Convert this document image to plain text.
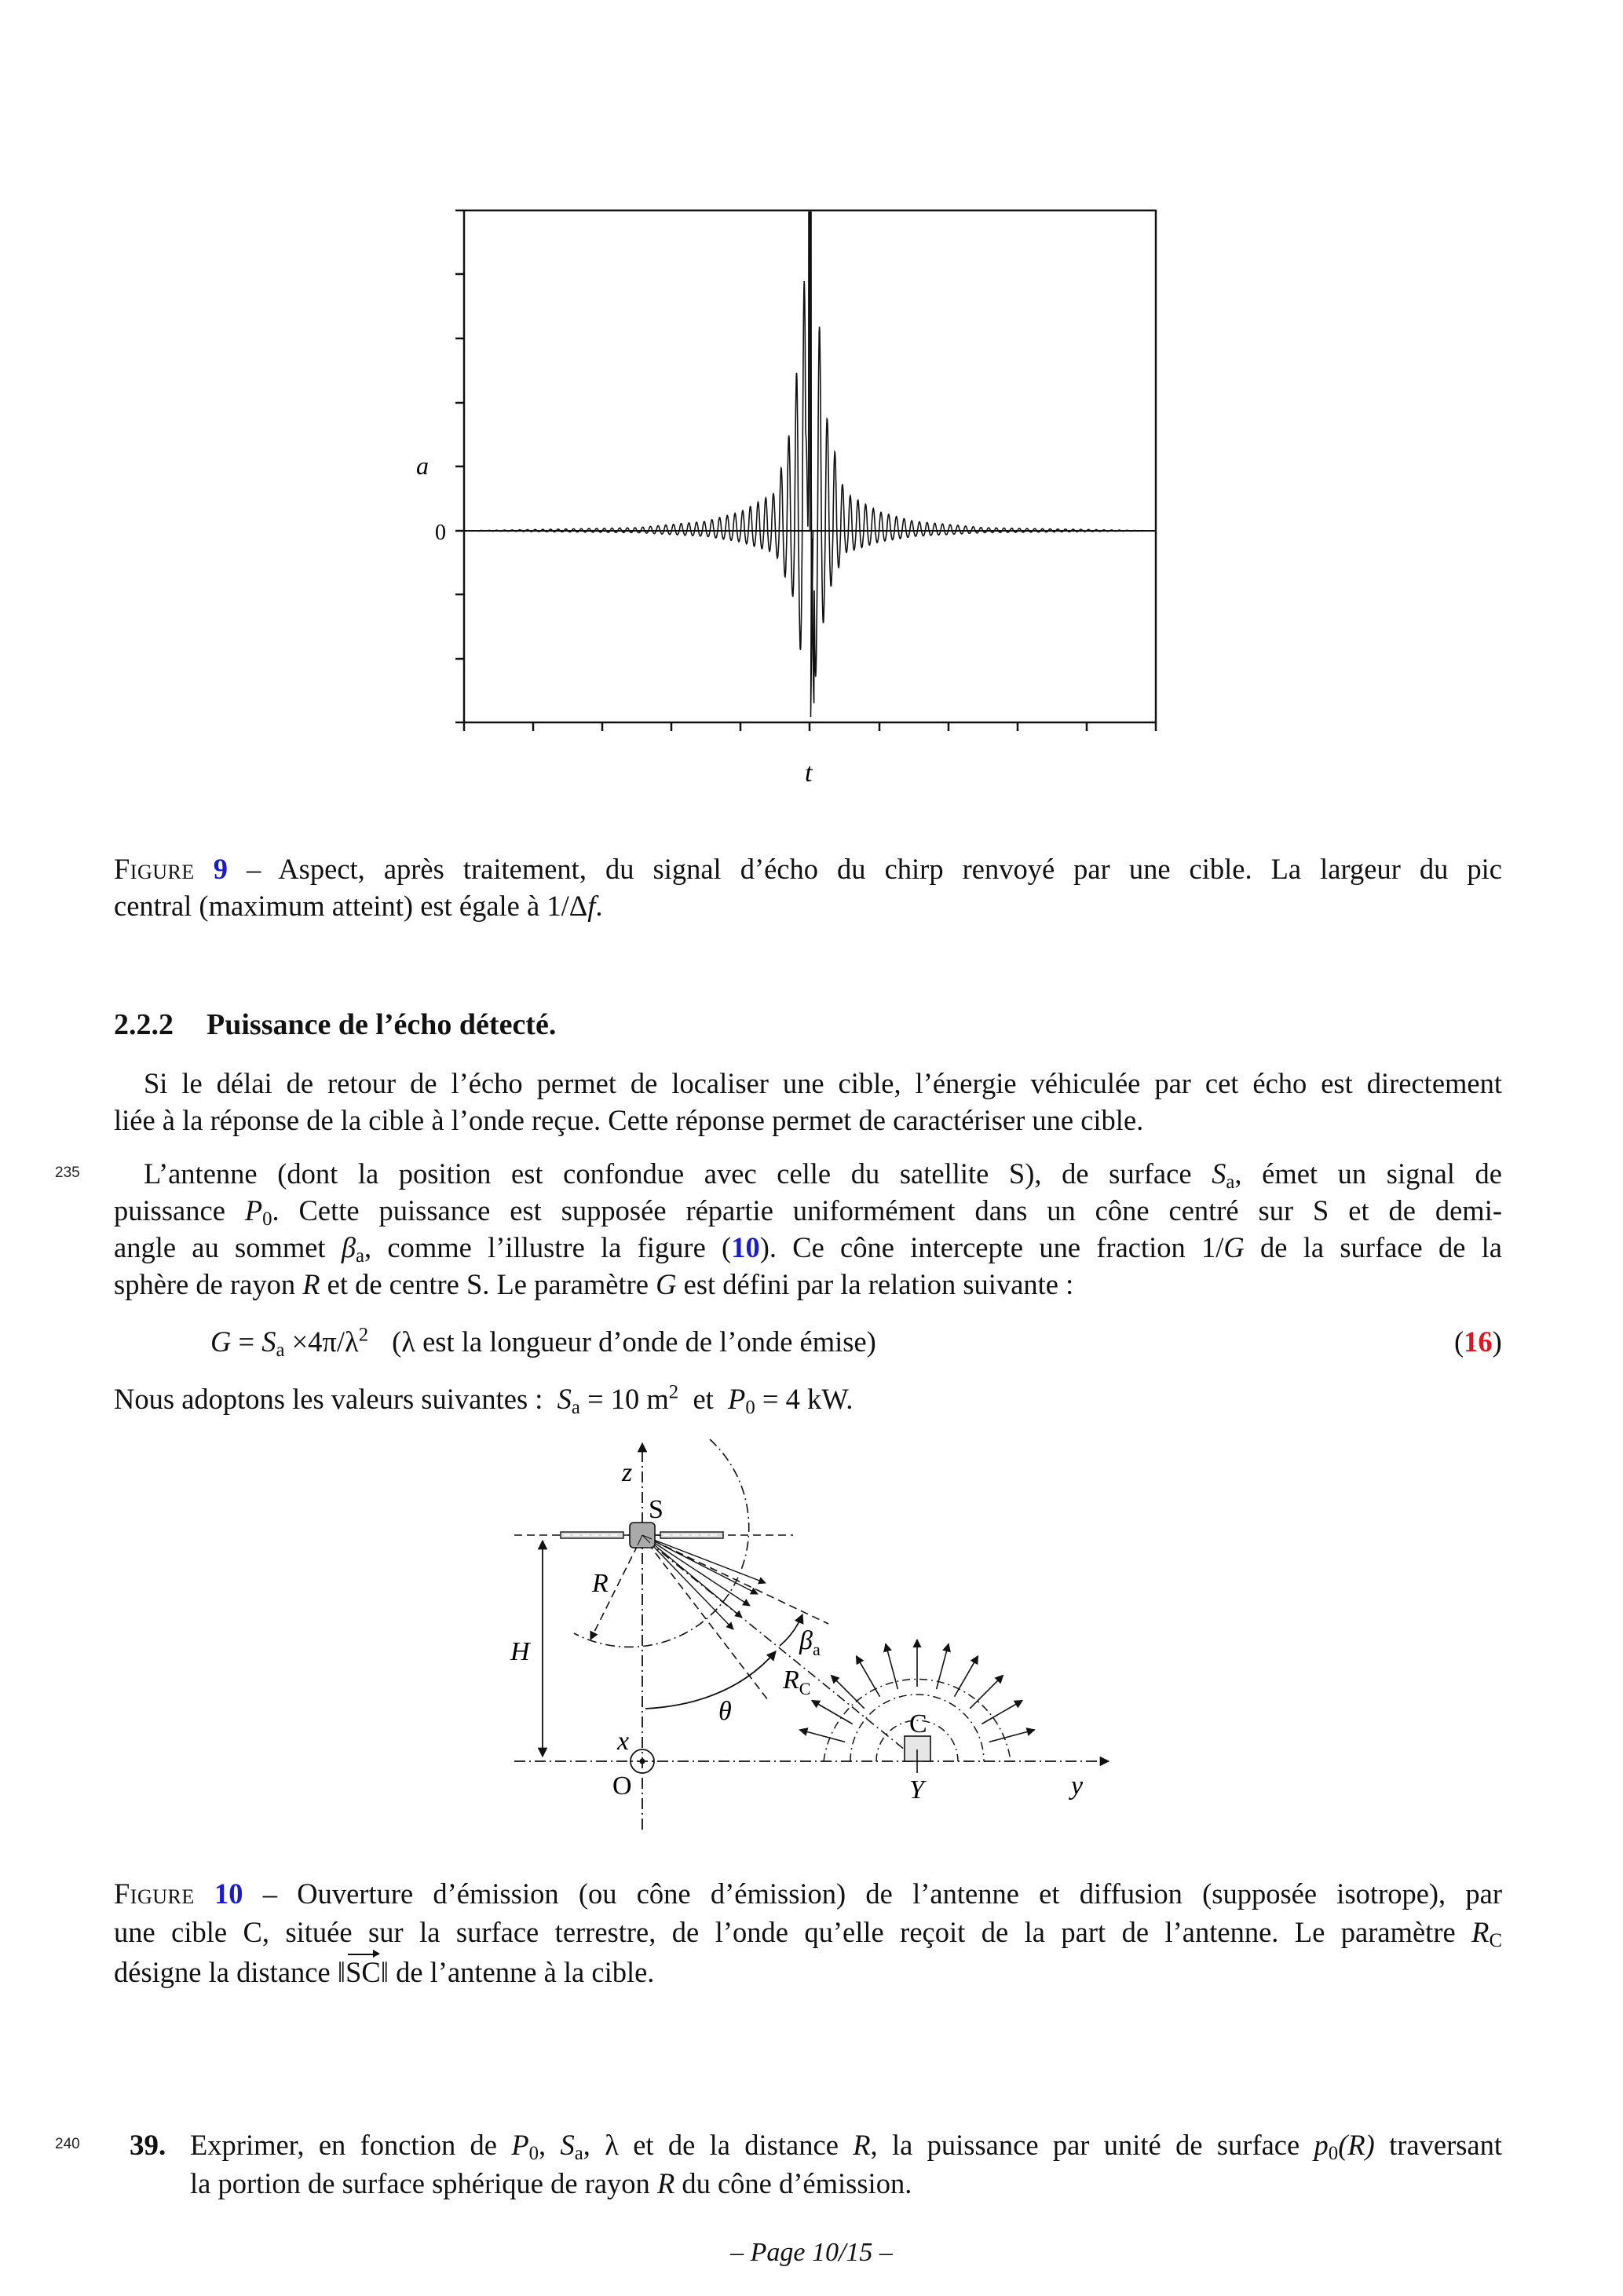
a
0
t
Figure 9 – Aspect, après traitement, du signal d’écho du chirp renvoyé par une cible. La largeur du pic
central (maximum atteint) est égale à 1/Δf.
2.2.2 Puissance de l’écho détecté.
Si le délai de retour de l’écho permet de localiser une cible, l’énergie véhiculée par cet écho est directement
liée à la réponse de la cible à l’onde reçue. Cette réponse permet de caractériser une cible.
235 L’antenne (dont la position est confondue avec celle du satellite S), de surface $S_a$, émet un signal de
puissance $P_0$. Cette puissance est supposée répartie uniformément dans un cône centré sur S et de demi-
angle au sommet $\beta_a$, comme l’illustre la figure (10). Ce cône intercepte une fraction 1/G de la surface de la
sphère de rayon R et de centre S. Le paramètre G est défini par la relation suivante :
$G = S_a \times 4\pi/\lambda^2$ (λ est la longueur d’onde de l’onde émise)	(16)
Nous adoptons les valeurs suivantes : $S_a = 10$ $m^2$ et $P_0 = 4$ kW.
z
S
R
H
θ
$\beta_a$
$R_C$
C
x
O	Y	y
Figure 10 – Ouverture d’émission (ou cône d’émission) de l’antenne et diffusion (supposée isotrope), par
une cible C, située sur la surface terrestre, de l’onde qu’elle reçoit de la part de l’antenne. Le paramètre $R_C$
désigne la distance ‖SC‖ de l’antenne à la cible.
240 39. Exprimer, en fonction de $P_0$, $S_a$, λ et de la distance R, la puissance par unité de surface $p_0(R)$ traversant
la portion de surface sphérique de rayon R du cône d’émission.
– Page 10/15 –
